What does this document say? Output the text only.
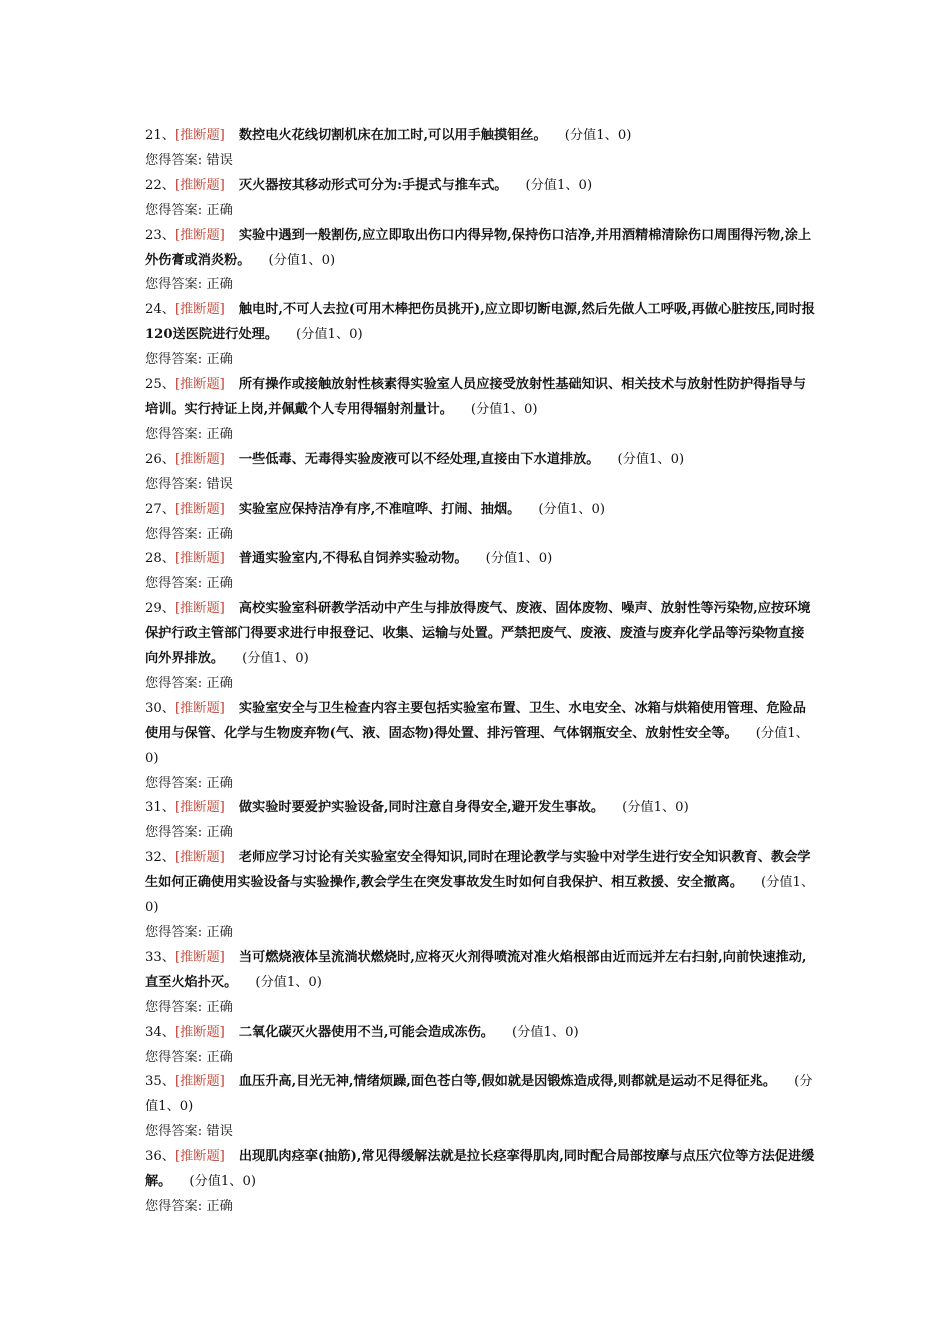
21、[推断题] 数控电火花线切割机床在加工时,可以用手触摸钼丝。 (分值1、0)

您得答案: 错误

22、[推断题] 灭火器按其移动形式可分为:手提式与推车式。 (分值1、0)

您得答案: 正确

23、[推断题] 实验中遇到一般割伤,应立即取出伤口内得异物,保持伤口洁净,并用酒精棉清除伤口周围得污物,涂上外伤膏或消炎粉。 (分值1、0)

您得答案: 正确

24、[推断题] 触电时,不可人去拉(可用木棒把伤员挑开),应立即切断电源,然后先做人工呼吸,再做心脏按压,同时报120送医院进行处理。 (分值1、0)

您得答案: 正确

25、[推断题] 所有操作或接触放射性核素得实验室人员应接受放射性基础知识、相关技术与放射性防护得指导与培训。实行持证上岗,并佩戴个人专用得辐射剂量计。 (分值1、0)

您得答案: 正确

26、[推断题] 一些低毒、无毒得实验废液可以不经处理,直接由下水道排放。 (分值1、0)

您得答案: 错误

27、[推断题] 实验室应保持洁净有序,不准喧哗、打闹、抽烟。 (分值1、0)

您得答案: 正确

28、[推断题] 普通实验室内,不得私自饲养实验动物。 (分值1、0)

您得答案: 正确

29、[推断题] 高校实验室科研教学活动中产生与排放得废气、废液、固体废物、噪声、放射性等污染物,应按环境保护行政主管部门得要求进行申报登记、收集、运输与处置。严禁把废气、废液、废渣与废弃化学品等污染物直接向外界排放。 (分值1、0)

您得答案: 正确

30、[推断题] 实验室安全与卫生检查内容主要包括实验室布置、卫生、水电安全、冰箱与烘箱使用管理、危险品使用与保管、化学与生物废弃物(气、液、固态物)得处置、排污管理、气体钢瓶安全、放射性安全等。 (分值1、0)

您得答案: 正确

31、[推断题] 做实验时要爱护实验设备,同时注意自身得安全,避开发生事故。 (分值1、0)

您得答案: 正确

32、[推断题] 老师应学习讨论有关实验室安全得知识,同时在理论教学与实验中对学生进行安全知识教育、教会学生如何正确使用实验设备与实验操作,教会学生在突发事故发生时如何自我保护、相互救援、安全撤离。 (分值1、0)

您得答案: 正确

33、[推断题] 当可燃烧液体呈流淌状燃烧时,应将灭火剂得喷流对准火焰根部由近而远并左右扫射,向前快速推动,直至火焰扑灭。 (分值1、0)

您得答案: 正确

34、[推断题] 二氧化碳灭火器使用不当,可能会造成冻伤。 (分值1、0)

您得答案: 正确

35、[推断题] 血压升高,目光无神,情绪烦躁,面色苍白等,假如就是因锻炼造成得,则都就是运动不足得征兆。 (分值1、0)

您得答案: 错误

36、[推断题] 出现肌肉痉挛(抽筋),常见得缓解法就是拉长痉挛得肌肉,同时配合局部按摩与点压穴位等方法促进缓解。 (分值1、0)

您得答案: 正确
